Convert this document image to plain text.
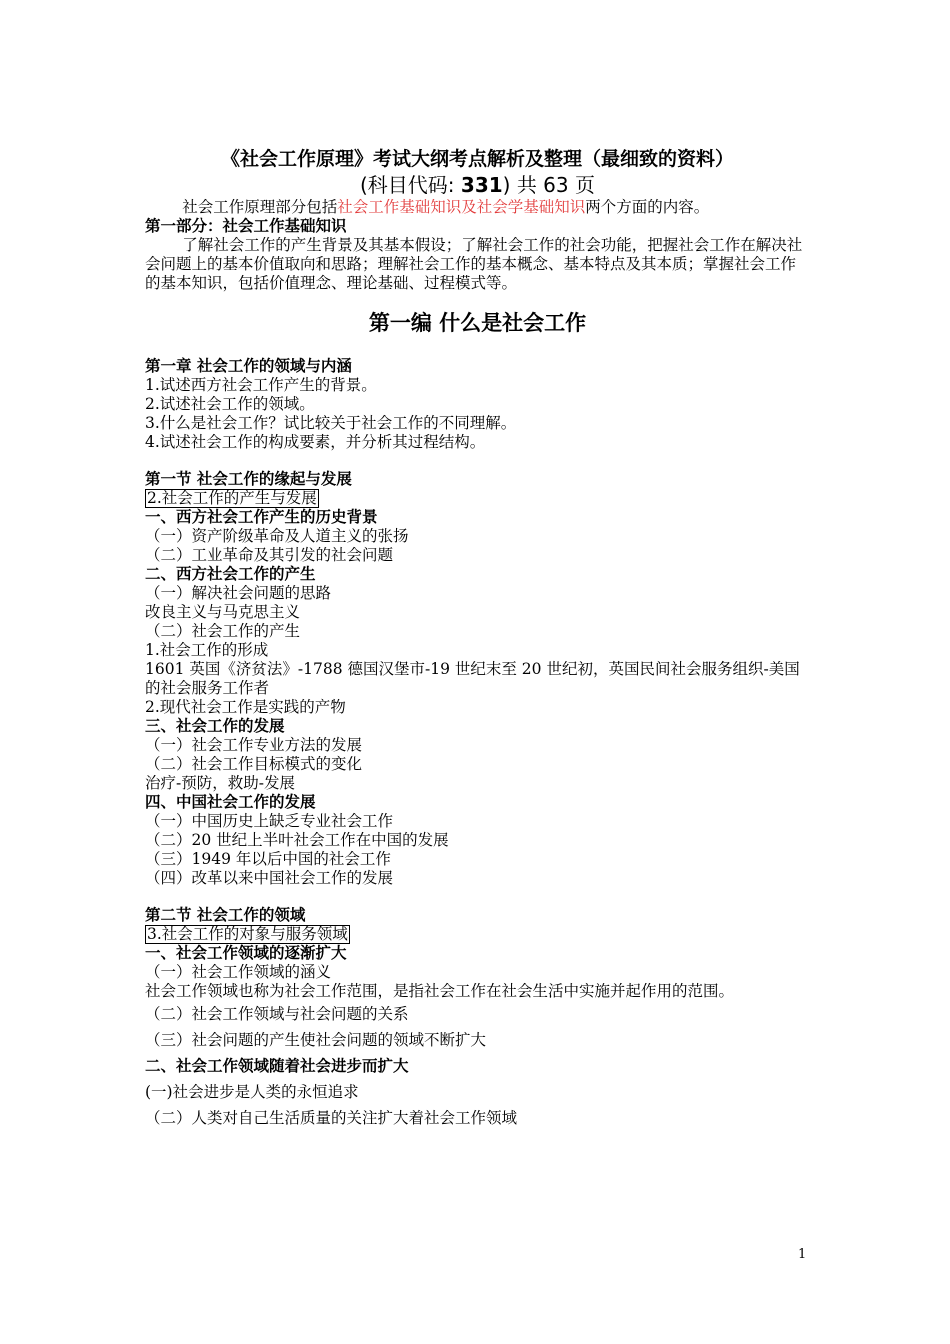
《社会工作原理》考试大纲考点解析及整理（最细致的资料）

(科目代码: 331) 共 63 页

社会工作原理部分包括社会工作基础知识及社会学基础知识两个方面的内容。

第一部分：社会工作基础知识

了解社会工作的产生背景及其基本假设；了解社会工作的社会功能，把握社会工作在解决社会问题上的基本价值取向和思路；理解社会工作的基本概念、基本特点及其本质；掌握社会工作的基本知识，包括价值理念、理论基础、过程模式等。

第一编 什么是社会工作

第一章 社会工作的领域与内涵

1.试述西方社会工作产生的背景。

2.试述社会工作的领域。

3.什么是社会工作？试比较关于社会工作的不同理解。

4.试述社会工作的构成要素，并分析其过程结构。

第一节 社会工作的缘起与发展

2.社会工作的产生与发展

一、西方社会工作产生的历史背景

（一）资产阶级革命及人道主义的张扬

（二）工业革命及其引发的社会问题

二、西方社会工作的产生

（一）解决社会问题的思路

改良主义与马克思主义

（二）社会工作的产生

1.社会工作的形成

1601 英国《济贫法》-1788 德国汉堡市-19 世纪末至 20 世纪初，英国民间社会服务组织-美国的社会服务工作者

2.现代社会工作是实践的产物

三、社会工作的发展

（一）社会工作专业方法的发展

（二）社会工作目标模式的变化

治疗-预防，救助-发展

四、中国社会工作的发展

（一）中国历史上缺乏专业社会工作

（二）20 世纪上半叶社会工作在中国的发展

（三）1949 年以后中国的社会工作

（四）改革以来中国社会工作的发展

第二节 社会工作的领域

3.社会工作的对象与服务领域

一、社会工作领域的逐渐扩大

（一）社会工作领域的涵义

社会工作领域也称为社会工作范围，是指社会工作在社会生活中实施并起作用的范围。

（二）社会工作领域与社会问题的关系

（三）社会问题的产生使社会问题的领域不断扩大

二、社会工作领域随着社会进步而扩大

(一)社会进步是人类的永恒追求

（二）人类对自己生活质量的关注扩大着社会工作领域

1
